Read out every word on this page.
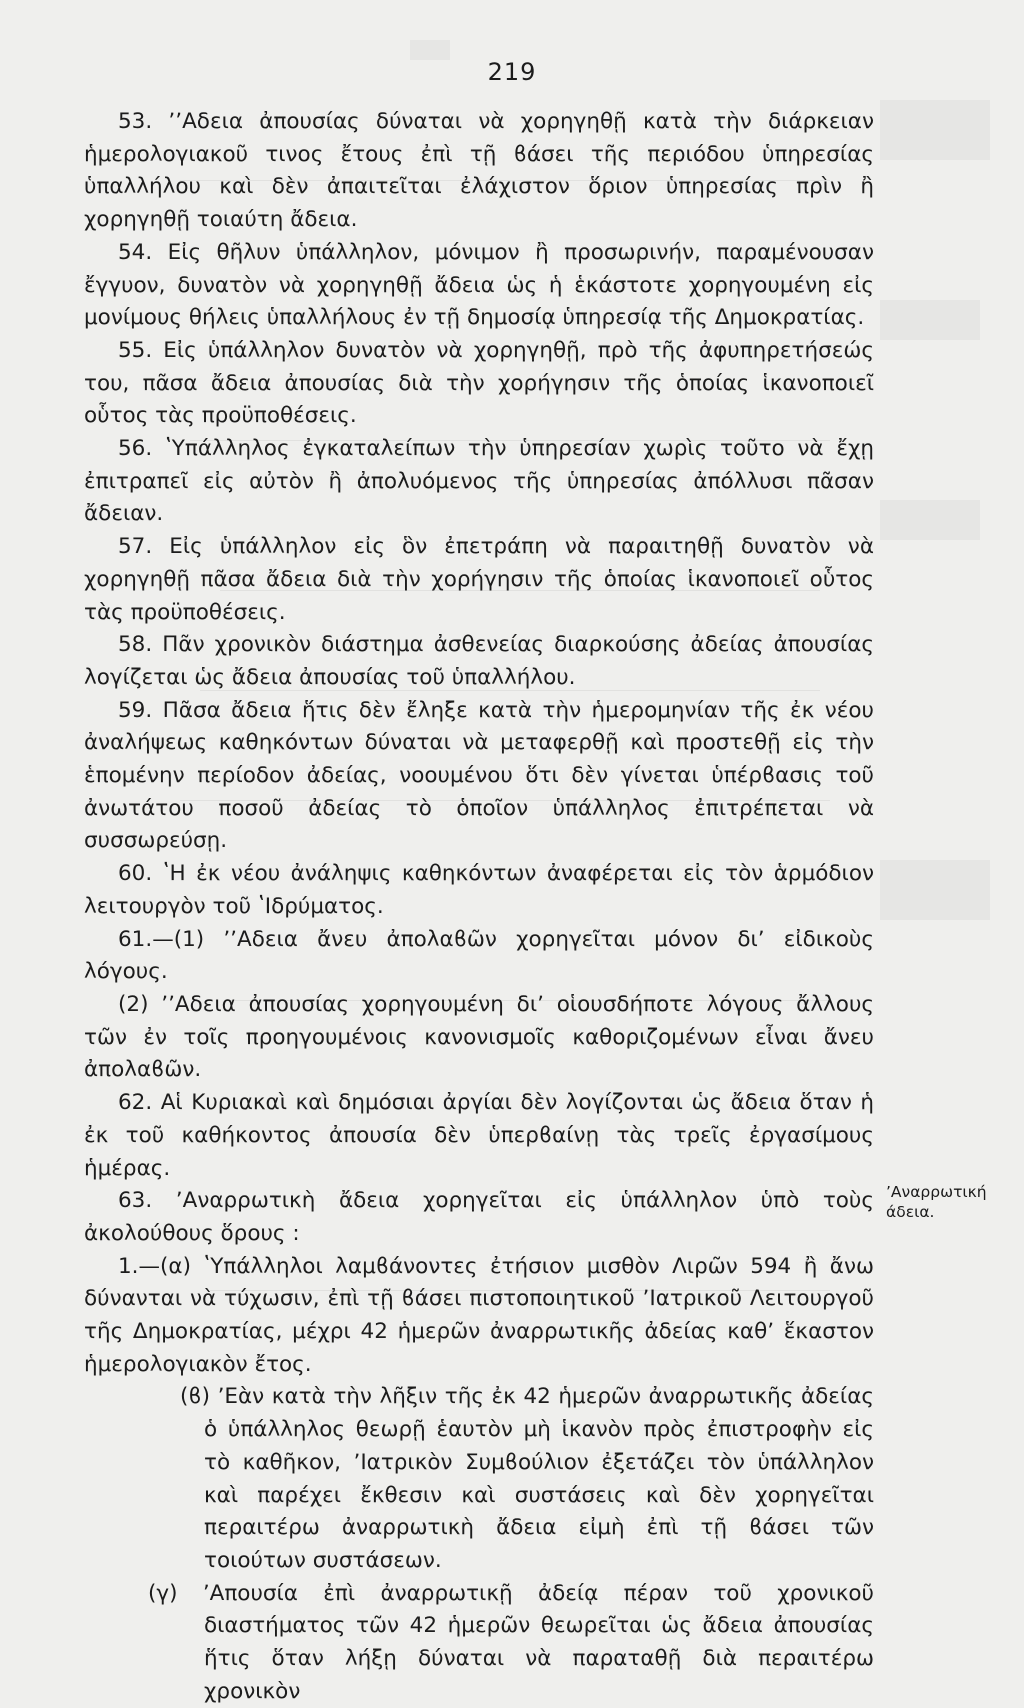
219

53. ʼʼΑδεια ἀπουσίας δύναται νὰ χορηγηθῇ κατὰ τὴν διάρκειαν ἡμερολογιακοῦ τινος ἔτους ἐπὶ τῇ ϐάσει τῆς περιόδου ὑπηρεσίας ὑπαλλήλου καὶ δὲν ἀπαιτεῖται ἐλάχιστον ὅριον ὑπηρεσίας πρὶν ἢ χορηγηθῇ τοιαύτη ἄδεια.

54. Εἰς θῆλυν ὑπάλληλον, μόνιμον ἢ προσωρινήν, παραμένουσαν ἔγγυον, δυνατὸν νὰ χορηγηθῇ ἄδεια ὡς ἡ ἑκάστοτε χορηγουμένη εἰς μονίμους θήλεις ὑπαλλήλους ἐν τῇ δημοσίᾳ ὑπηρεσίᾳ τῆς Δημοκρατίας.

55. Εἰς ὑπάλληλον δυνατὸν νὰ χορηγηθῇ, πρὸ τῆς ἀφυπηρετήσεώς του, πᾶσα ἄδεια ἀπουσίας διὰ τὴν χορήγησιν τῆς ὁποίας ἱκανοποιεῖ οὗτος τὰς προϋποθέσεις.

56. ʽΥπάλληλος ἐγκαταλείπων τὴν ὑπηρεσίαν χωρὶς τοῦτο νὰ ἔχῃ ἐπιτραπεῖ εἰς αὐτὸν ἢ ἀπολυόμενος τῆς ὑπηρεσίας ἀπόλλυσι πᾶσαν ἄδειαν.

57. Εἰς ὑπάλληλον εἰς ὃν ἐπετράπη νὰ παραιτηθῇ δυνατὸν νὰ χορηγηθῇ πᾶσα ἄδεια διὰ τὴν χορήγησιν τῆς ὁποίας ἱκανοποιεῖ οὗτος τὰς προϋποθέσεις.

58. Πᾶν χρονικὸν διάστημα ἀσθενείας διαρκούσης ἀδείας ἀπουσίας λογίζεται ὡς ἄδεια ἀπουσίας τοῦ ὑπαλλήλου.

59. Πᾶσα ἄδεια ἥτις δὲν ἔληξε κατὰ τὴν ἡμερομηνίαν τῆς ἐκ νέου ἀναλήψεως καθηκόντων δύναται νὰ μεταφερθῇ καὶ προστεθῇ εἰς τὴν ἑπομένην περίοδον ἀδείας, νοουμένου ὅτι δὲν γίνεται ὑπέρϐασις τοῦ ἀνωτάτου ποσοῦ ἀδείας τὸ ὁποῖον ὑπάλληλος ἐπιτρέπεται νὰ συσσωρεύσῃ.

60. ʽΗ ἐκ νέου ἀνάληψις καθηκόντων ἀναφέρεται εἰς τὸν ἁρμόδιον λειτουργὸν τοῦ ʽΙδρύματος.

61.—(1) ʼʼΑδεια ἄνευ ἀπολαϐῶν χορηγεῖται μόνον διʼ εἰδικοὺς λόγους.

(2) ʼʼΑδεια ἀπουσίας χορηγουμένη διʼ οἱουσδήποτε λόγους ἄλλους τῶν ἐν τοῖς προηγουμένοις κανονισμοῖς καθοριζομένων εἶναι ἄνευ ἀπολαϐῶν.

62. Αἱ Κυριακαὶ καὶ δημόσιαι ἀργίαι δὲν λογίζονται ὡς ἄδεια ὅταν ἡ ἐκ τοῦ καθήκοντος ἀπουσία δὲν ὑπερϐαίνῃ τὰς τρεῖς ἐργασίμους ἡμέρας.

63. ʼΑναρρωτικὴ ἄδεια χορηγεῖται εἰς ὑπάλληλον ὑπὸ τοὺς ἀκολούθους ὅρους :

1.—(α) ʽΥπάλληλοι λαμϐάνοντες ἐτήσιον μισθὸν Λιρῶν 594 ἢ ἄνω δύνανται νὰ τύχωσιν, ἐπὶ τῇ ϐάσει πιστοποιητικοῦ ʼΙατρικοῦ Λειτουργοῦ τῆς Δημοκρατίας, μέχρι 42 ἡμερῶν ἀναρρωτικῆς ἀδείας καθʼ ἕκαστον ἡμερολογιακὸν ἔτος.

(ϐ) ʼΕὰν κατὰ τὴν λῆξιν τῆς ἐκ 42 ἡμερῶν ἀναρρωτικῆς ἀδείας ὁ ὑπάλληλος θεωρῇ ἑαυτὸν μὴ ἱκανὸν πρὸς ἐπιστροφὴν εἰς τὸ καθῆκον, ʼΙατρικὸν Συμϐούλιον ἐξετάζει τὸν ὑπάλληλον καὶ παρέχει ἔκθεσιν καὶ συστάσεις καὶ δὲν χορηγεῖται περαιτέρω ἀναρρωτικὴ ἄδεια εἰμὴ ἐπὶ τῇ ϐάσει τῶν τοιούτων συστάσεων.

(γ) ʼΑπουσία ἐπὶ ἀναρρωτικῇ ἀδείᾳ πέραν τοῦ χρονικοῦ διαστήματος τῶν 42 ἡμερῶν θεωρεῖται ὡς ἄδεια ἀπουσίας ἥτις ὅταν λήξῃ δύναται νὰ παραταθῇ διὰ περαιτέρω χρονικὸν

ʼΑναρρωτική άδεια.
